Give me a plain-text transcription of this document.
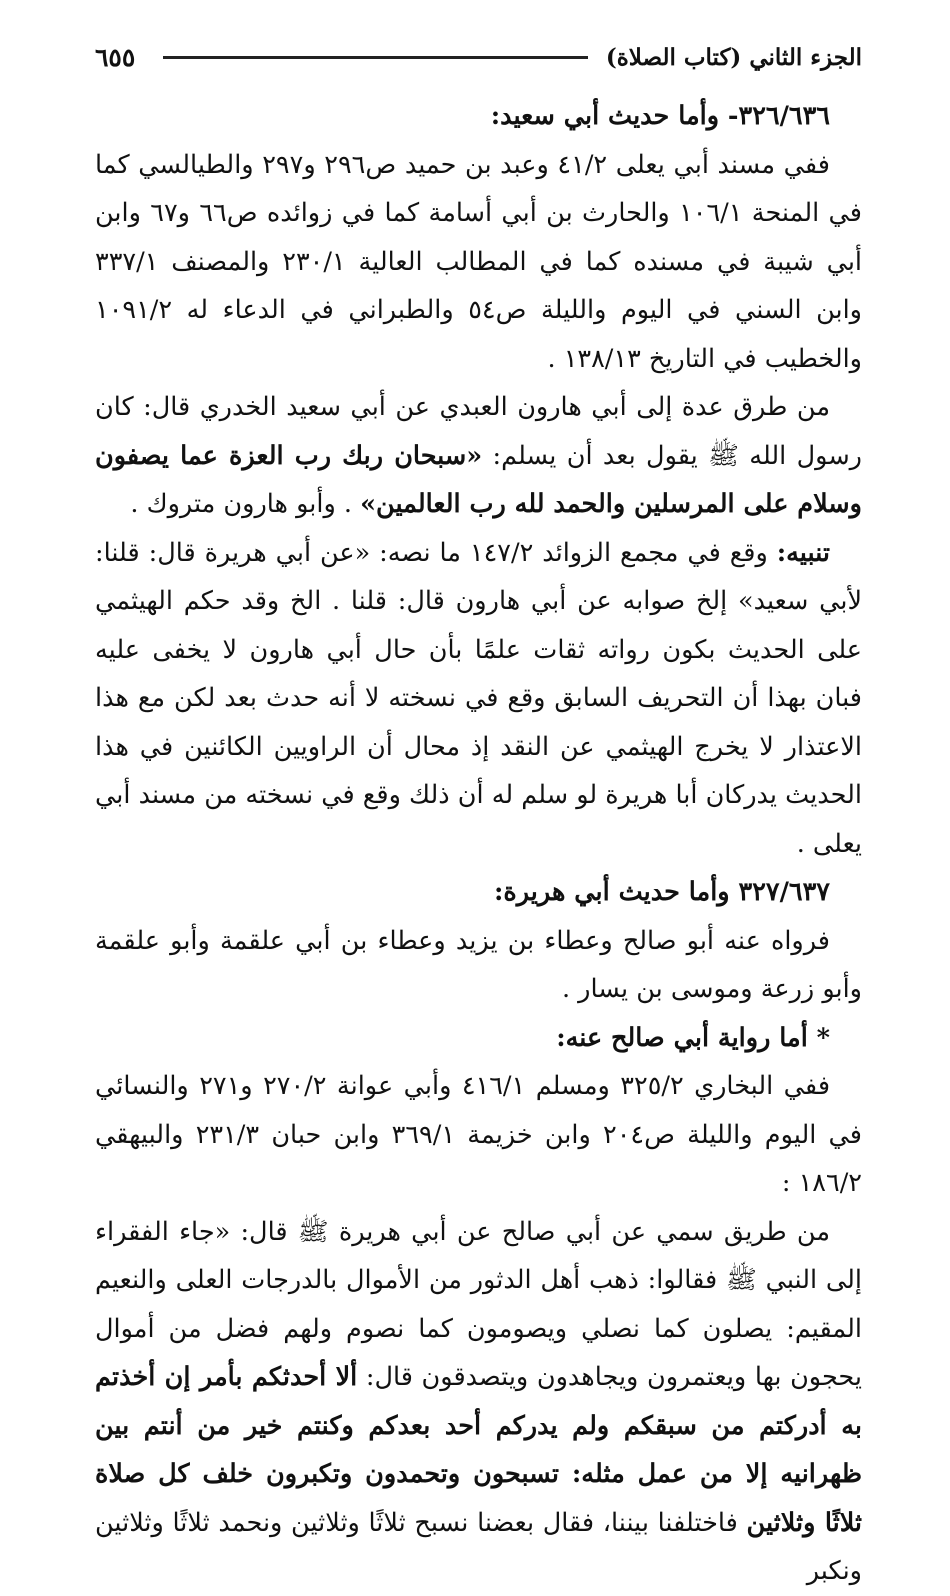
الجزء الثاني (كتاب الصلاة)
٦٥٥

٣٢٦/٦٣٦- وأما حديث أبي سعيد:

ففي مسند أبي يعلى ٤١/٢ وعبد بن حميد ص٢٩٦ و٢٩٧ والطيالسي كما في المنحة ١٠٦/١ والحارث بن أبي أسامة كما في زوائده ص٦٦ و٦٧ وابن أبي شيبة في مسنده كما في المطالب العالية ٢٣٠/١ والمصنف ٣٣٧/١ وابن السني في اليوم والليلة ص٥٤ والطبراني في الدعاء له ١٠٩١/٢ والخطيب في التاريخ ١٣٨/١٣ .

من طرق عدة إلى أبي هارون العبدي عن أبي سعيد الخدري قال: كان رسول الله ﷺ يقول بعد أن يسلم: «سبحان ربك رب العزة عما يصفون وسلام على المرسلين والحمد لله رب العالمين» . وأبو هارون متروك .

تنبيه: وقع في مجمع الزوائد ١٤٧/٢ ما نصه: «عن أبي هريرة قال: قلنا: لأبي سعيد» إلخ صوابه عن أبي هارون قال: قلنا . الخ وقد حكم الهيثمي على الحديث بكون رواته ثقات علمًا بأن حال أبي هارون لا يخفى عليه فبان بهذا أن التحريف السابق وقع في نسخته لا أنه حدث بعد لكن مع هذا الاعتذار لا يخرج الهيثمي عن النقد إذ محال أن الراويين الكائنين في هذا الحديث يدركان أبا هريرة لو سلم له أن ذلك وقع في نسخته من مسند أبي يعلى .

٣٢٧/٦٣٧ وأما حديث أبي هريرة:

فرواه عنه أبو صالح وعطاء بن يزيد وعطاء بن أبي علقمة وأبو علقمة وأبو زرعة وموسى بن يسار .

* أما رواية أبي صالح عنه:

ففي البخاري ٣٢٥/٢ ومسلم ٤١٦/١ وأبي عوانة ٢٧٠/٢ و٢٧١ والنسائي في اليوم والليلة ص٢٠٤ وابن خزيمة ٣٦٩/١ وابن حبان ٢٣١/٣ والبيهقي ١٨٦/٢ :

من طريق سمي عن أبي صالح عن أبي هريرة ﷺ قال: «جاء الفقراء إلى النبي ﷺ فقالوا: ذهب أهل الدثور من الأموال بالدرجات العلى والنعيم المقيم: يصلون كما نصلي ويصومون كما نصوم ولهم فضل من أموال يحجون بها ويعتمرون ويجاهدون ويتصدقون قال: ألا أحدثكم بأمر إن أخذتم به أدركتم من سبقكم ولم يدركم أحد بعدكم وكنتم خير من أنتم بين ظهرانيه إلا من عمل مثله: تسبحون وتحمدون وتكبرون خلف كل صلاة ثلاثًا وثلاثين فاختلفنا بيننا، فقال بعضنا نسبح ثلاثًا وثلاثين ونحمد ثلاثًا وثلاثين ونكبر
